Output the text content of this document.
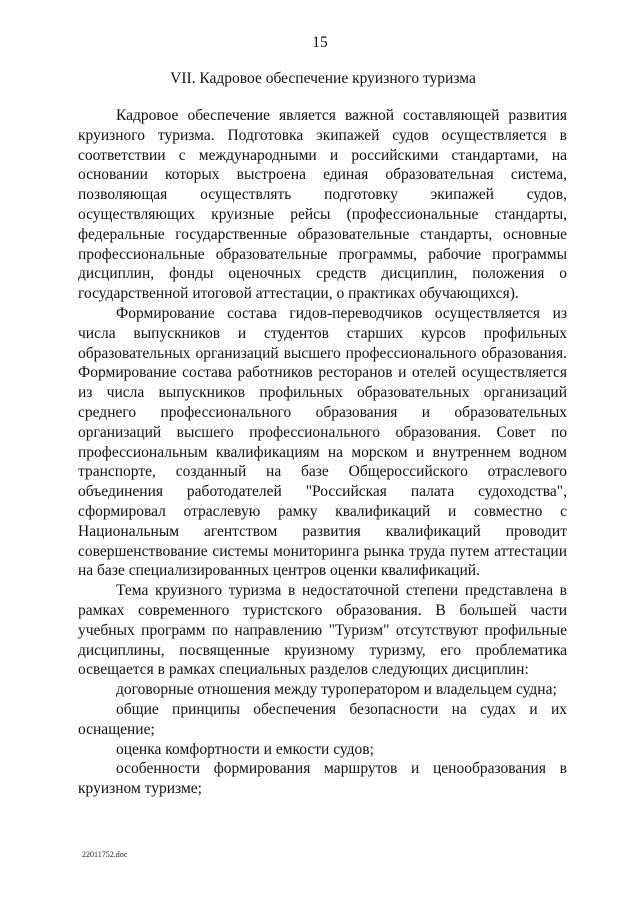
15
VII. Кадровое обеспечение круизного туризма

Кадровое обеспечение является важной составляющей развития круизного туризма. Подготовка экипажей судов осуществляется в соответствии с международными и российскими стандартами, на основании которых выстроена единая образовательная система, позволяющая осуществлять подготовку экипажей судов, осуществляющих круизные рейсы (профессиональные стандарты, федеральные государственные образовательные стандарты, основные профессиональные образовательные программы, рабочие программы дисциплин, фонды оценочных средств дисциплин, положения о государственной итоговой аттестации, о практиках обучающихся).

Формирование состава гидов-переводчиков осуществляется из числа выпускников и студентов старших курсов профильных образовательных организаций высшего профессионального образования. Формирование состава работников ресторанов и отелей осуществляется из числа выпускников профильных образовательных организаций среднего профессионального образования и образовательных организаций высшего профессионального образования. Совет по профессиональным квалификациям на морском и внутреннем водном транспорте, созданный на базе Общероссийского отраслевого объединения работодателей "Российская палата судоходства", сформировал отраслевую рамку квалификаций и совместно с Национальным агентством развития квалификаций проводит совершенствование системы мониторинга рынка труда путем аттестации на базе специализированных центров оценки квалификаций.

Тема круизного туризма в недостаточной степени представлена в рамках современного туристского образования. В большей части учебных программ по направлению "Туризм" отсутствуют профильные дисциплины, посвященные круизному туризму, его проблематика освещается в рамках специальных разделов следующих дисциплин:

договорные отношения между туроператором и владельцем судна;

общие принципы обеспечения безопасности на судах и их оснащение;

оценка комфортности и емкости судов;

особенности формирования маршрутов и ценообразования в круизном туризме;

22011752.doc
